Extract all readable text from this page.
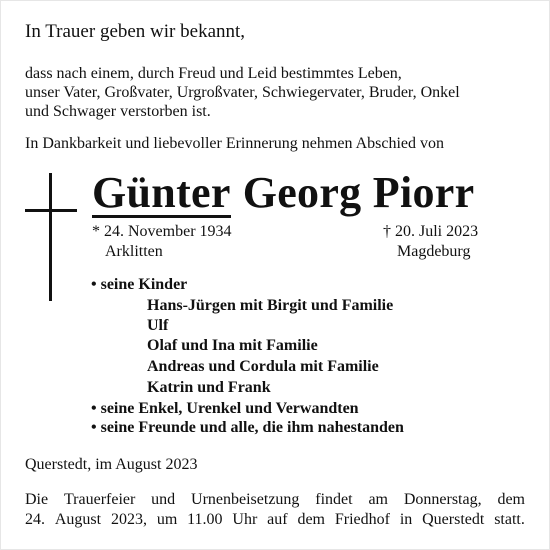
In Trauer geben wir bekannt,
dass nach einem, durch Freud und Leid bestimmtes Leben,
unser Vater, Großvater, Urgroßvater, Schwiegervater, Bruder, Onkel
und Schwager verstorben ist.
In Dankbarkeit und liebevoller Erinnerung nehmen Abschied von
Günter Georg Piorr
* 24. November 1934
Arklitten
† 20. Juli 2023
Magdeburg
• seine Kinder
Hans-Jürgen mit Birgit und Familie
Ulf
Olaf und Ina mit Familie
Andreas und Cordula mit Familie
Katrin und Frank
• seine Enkel, Urenkel und Verwandten
• seine Freunde und alle, die ihm nahestanden
Querstedt, im August 2023
Die Trauerfeier und Urnenbeisetzung findet am Donnerstag, dem
24. August 2023, um 11.00 Uhr auf dem Friedhof in Querstedt statt.
